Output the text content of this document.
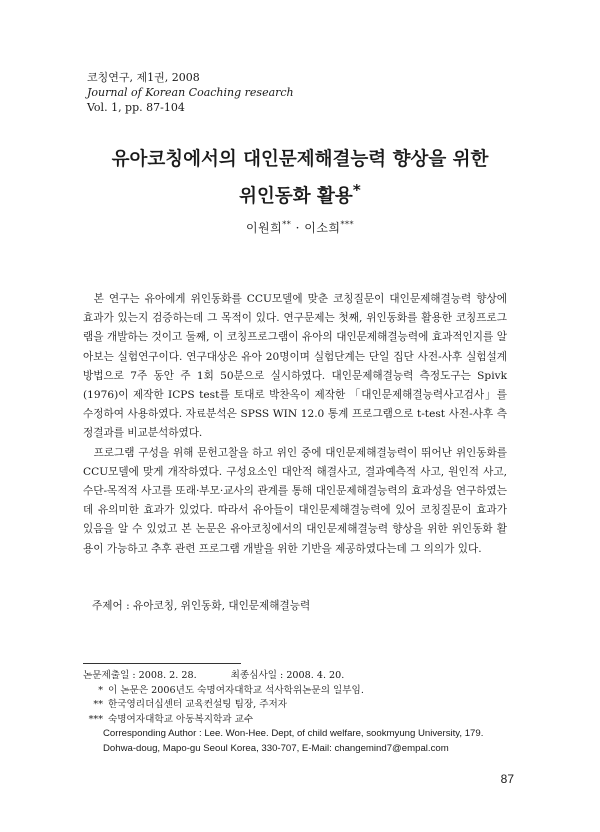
코칭연구, 제1권, 2008
Journal of Korean Coaching research
Vol. 1, pp. 87-104
유아코칭에서의 대인문제해결능력 향상을 위한
위인동화 활용*
이원희** · 이소희***

본 연구는 유아에게 위인동화를 CCU모델에 맞춘 코칭질문이 대인문제해결능력 향상에 효과가 있는지 검증하는데 그 목적이 있다. 연구문제는 첫째, 위인동화를 활용한 코칭프로그램을 개발하는 것이고 둘째, 이 코칭프로그램이 유아의 대인문제해결능력에 효과적인지를 알아보는 실험연구이다. 연구대상은 유아 20명이며 실험단계는 단일 집단 사전-사후 실험설계방법으로 7주 동안 주 1회 50분으로 실시하였다. 대인문제해결능력 측정도구는 Spivk (1976)이 제작한 ICPS test를 토대로 박찬옥이 제작한 「대인문제해결능력사고검사」를 수정하여 사용하였다. 자료분석은 SPSS WIN 12.0 통계 프로그램으로 t-test 사전-사후 측정결과를 비교분석하였다.

프로그램 구성을 위해 문헌고찰을 하고 위인 중에 대인문제해결능력이 뛰어난 위인동화를 CCU모델에 맞게 개작하였다. 구성요소인 대안적 해결사고, 결과예측적 사고, 원인적 사고, 수단-목적적 사고를 또래·부모·교사의 관계를 통해 대인문제해결능력의 효과성을 연구하였는데 유의미한 효과가 있었다. 따라서 유아들이 대인문제해결능력에 있어 코칭질문이 효과가 있음을 알 수 있었고 본 논문은 유아코칭에서의 대인문제해결능력 향상을 위한 위인동화 활용이 가능하고 추후 관련 프로그램 개발을 위한 기반을 제공하였다는데 그 의의가 있다.

주제어 : 유아코칭, 위인동화, 대인문제해결능력
논문제출일 : 2008. 2. 28.	최종심사일 : 2008. 4. 20.
* 이 논문은 2006년도 숙명여자대학교 석사학위논문의 일부임.
** 한국영리더십센터 교육컨설팅 팀장, 주저자
*** 숙명여자대학교 아동복지학과 교수
Corresponding Author : Lee. Won-Hee. Dept, of child welfare, sookmyung University, 179.
Dohwa-doug, Mapo-gu Seoul Korea, 330-707, E-Mail: changemind7@empal.com
87
